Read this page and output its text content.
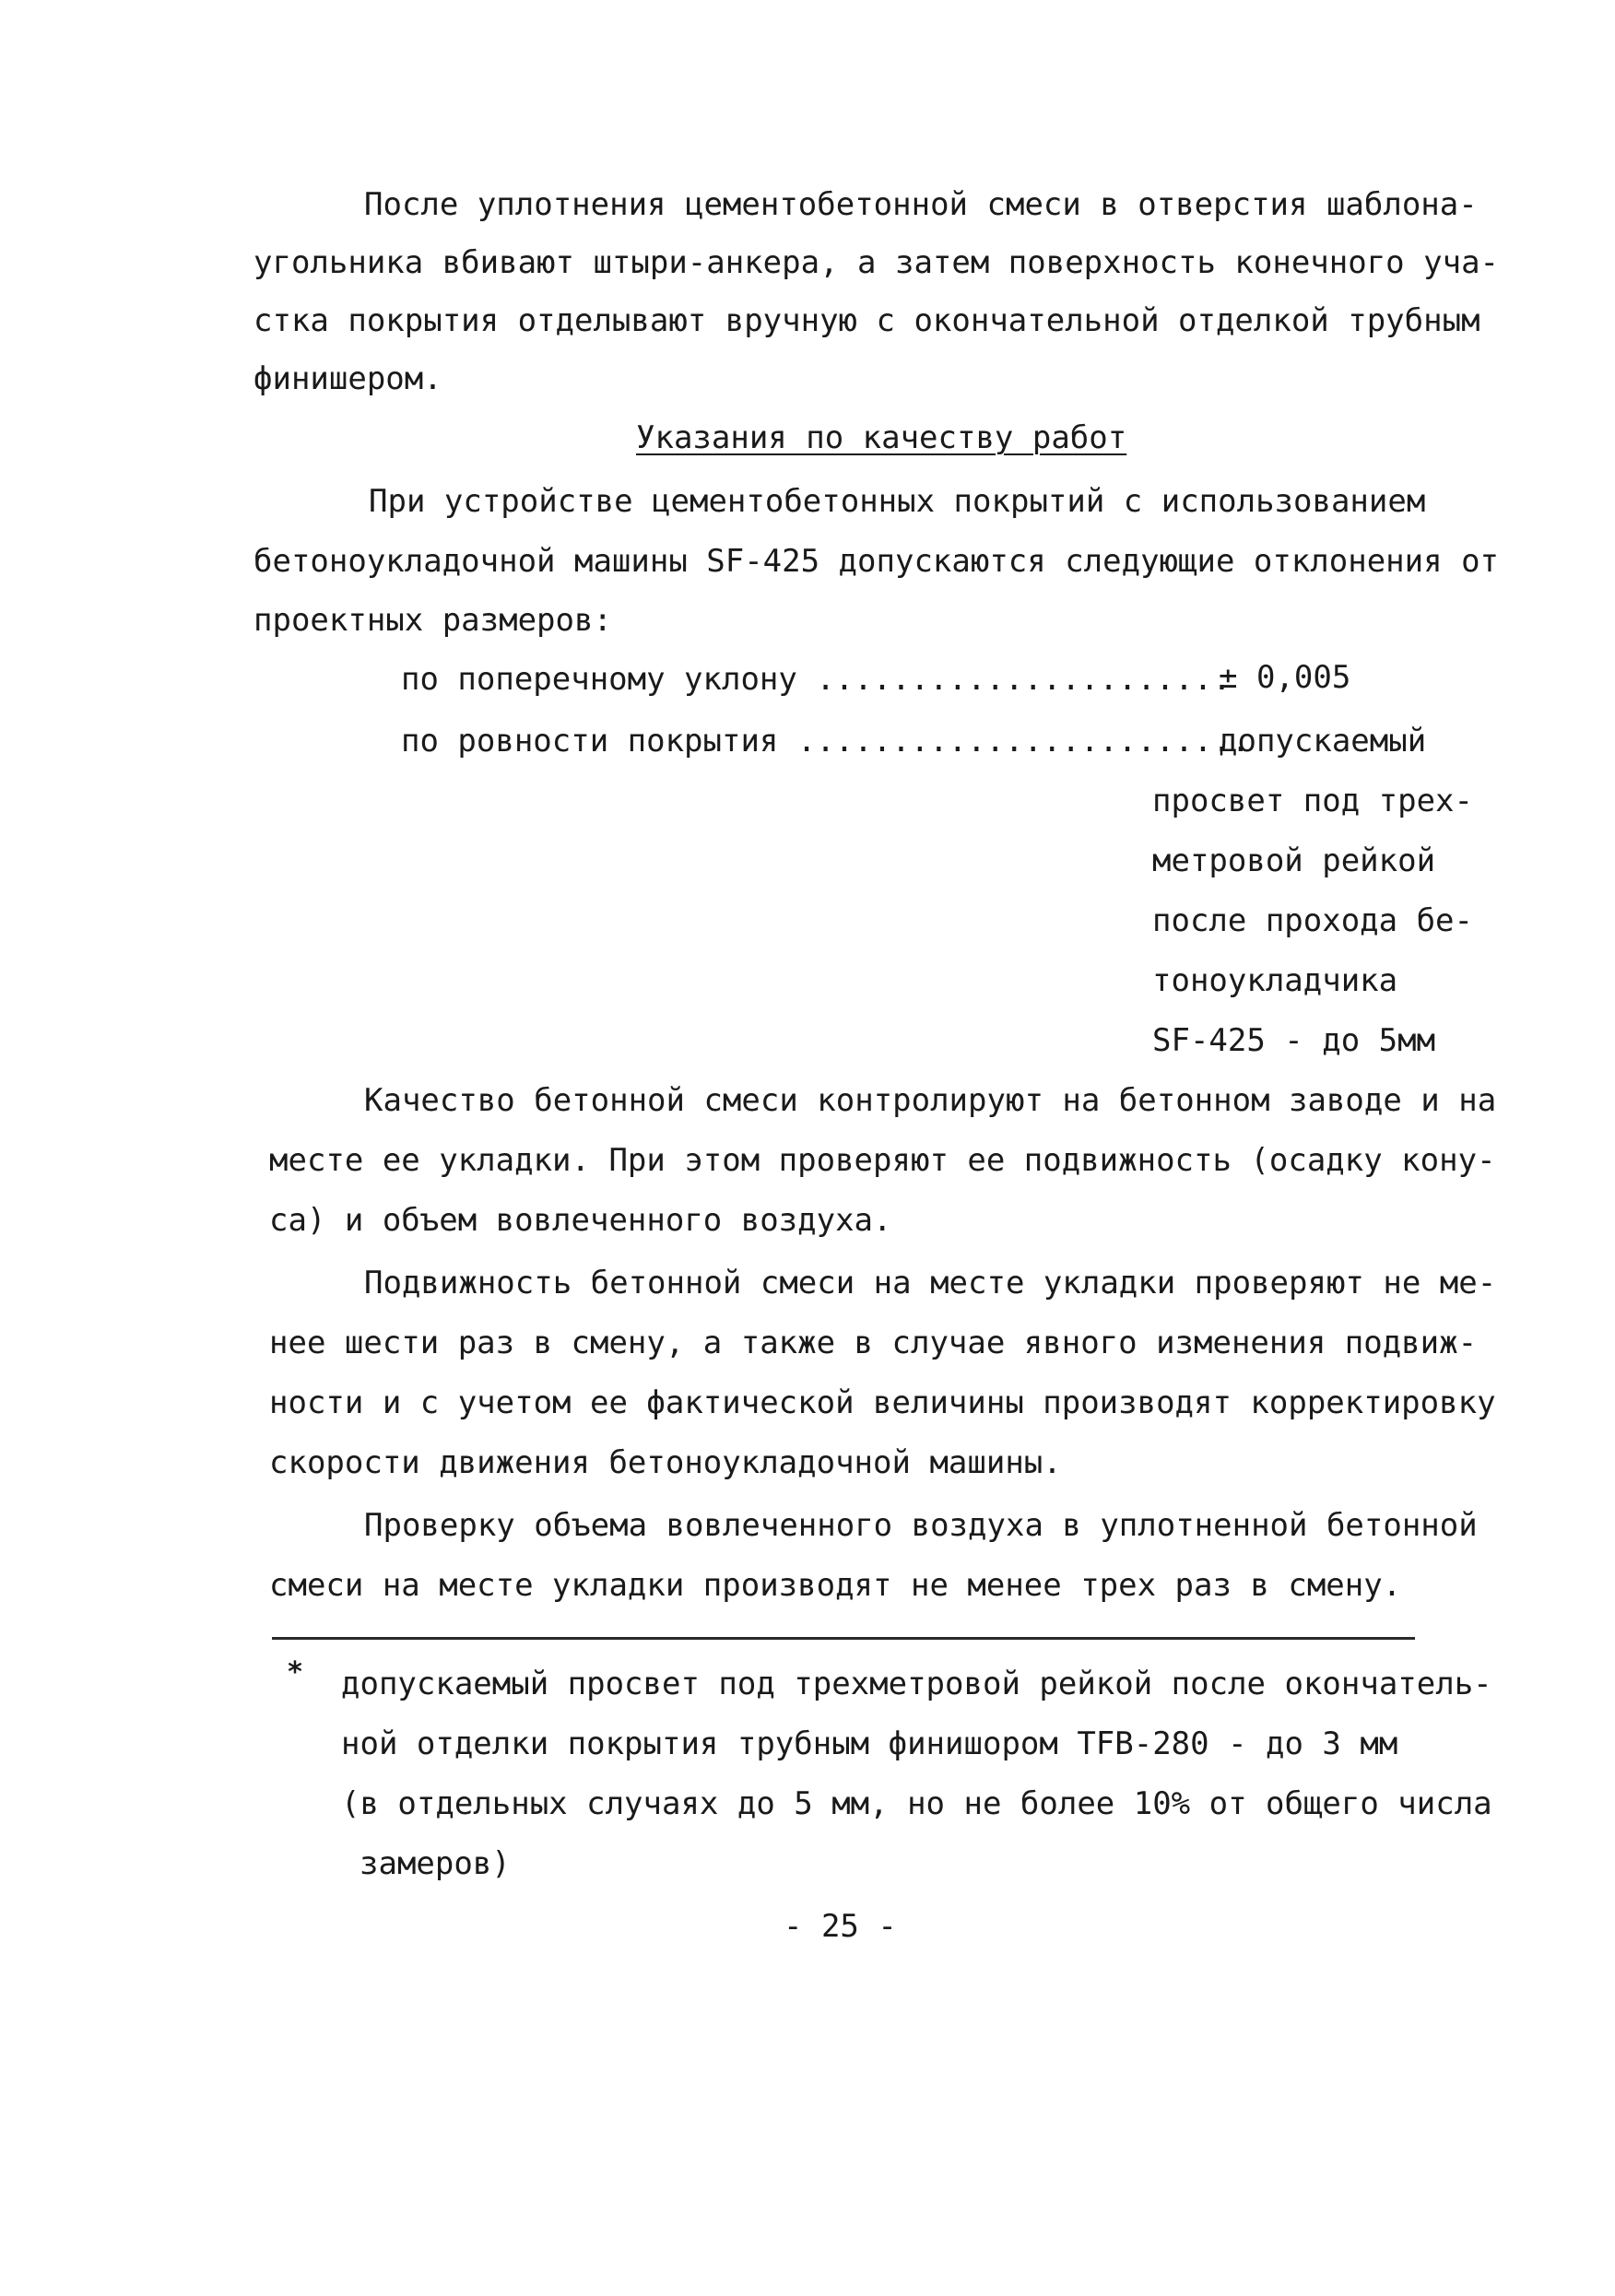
После уплотнения цементобетонной смеси в отверстия шаблона-
угольника вбивают штыри-анкера, а затем поверхность конечного уча-
стка покрытия отделывают вручную с окончательной отделкой трубным
финишером.
Указания по качеству работ
При устройстве цементобетонных покрытий с использованием
бетоноукладочной машины SF-425 допускаются следующие отклонения от
проектных размеров:
по поперечному уклону ......................
± 0,005
по ровности покрытия ........................
допускаемый
просвет под трех-
метровой рейкой
после прохода бе-
тоноукладчика
SF-425 - до 5мм
Качество бетонной смеси контролируют на бетонном заводе и на
месте ее укладки. При этом проверяют ее подвижность (осадку кону-
са) и объем вовлеченного воздуха.
Подвижность бетонной смеси на месте укладки проверяют не ме-
нее шести раз в смену, а также в случае явного изменения подвиж-
ности и с учетом ее фактической величины производят корректировку
скорости движения бетоноукладочной машины.
Проверку объема вовлеченного воздуха в уплотненной бетонной
смеси на месте укладки производят не менее трех раз в смену.
* допускаемый просвет под трехметровой рейкой после окончатель-
ной отделки покрытия трубным финишором TFB-280 - до 3 мм
(в отдельных случаях до 5 мм, но не более 10% от общего числа
замеров)
- 25 -
